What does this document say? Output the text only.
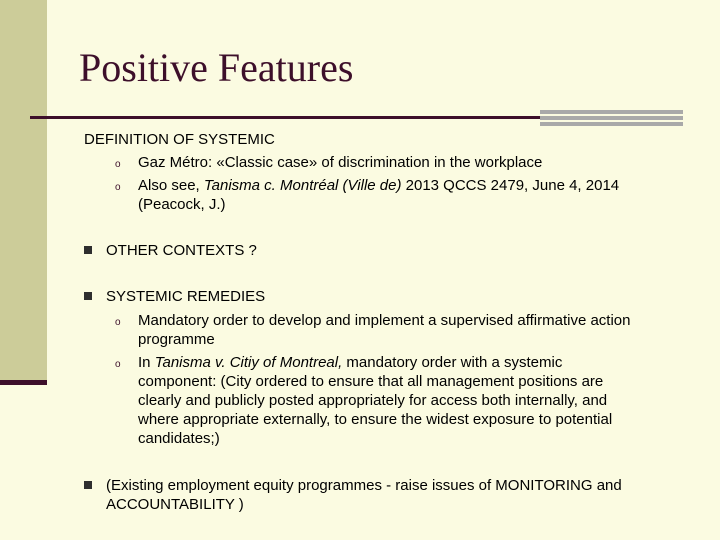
Positive Features
DEFINITION OF SYSTEMIC
o Gaz Métro: «Classic case» of discrimination in the workplace
o Also see, Tanisma c. Montréal (Ville de) 2013 QCCS 2479, June 4, 2014
(Peacock, J.)
OTHER CONTEXTS ?
SYSTEMIC REMEDIES
o Mandatory order to develop and implement a supervised affirmative action
programme
o In Tanisma v. Citiy of Montreal, mandatory order with a systemic
component: (City ordered to ensure that all management positions are
clearly and publicly posted appropriately for access both internally, and
where appropriate externally, to ensure the widest exposure to potential
candidates;)
(Existing employment equity programmes - raise issues of MONITORING and
ACCOUNTABILITY )
